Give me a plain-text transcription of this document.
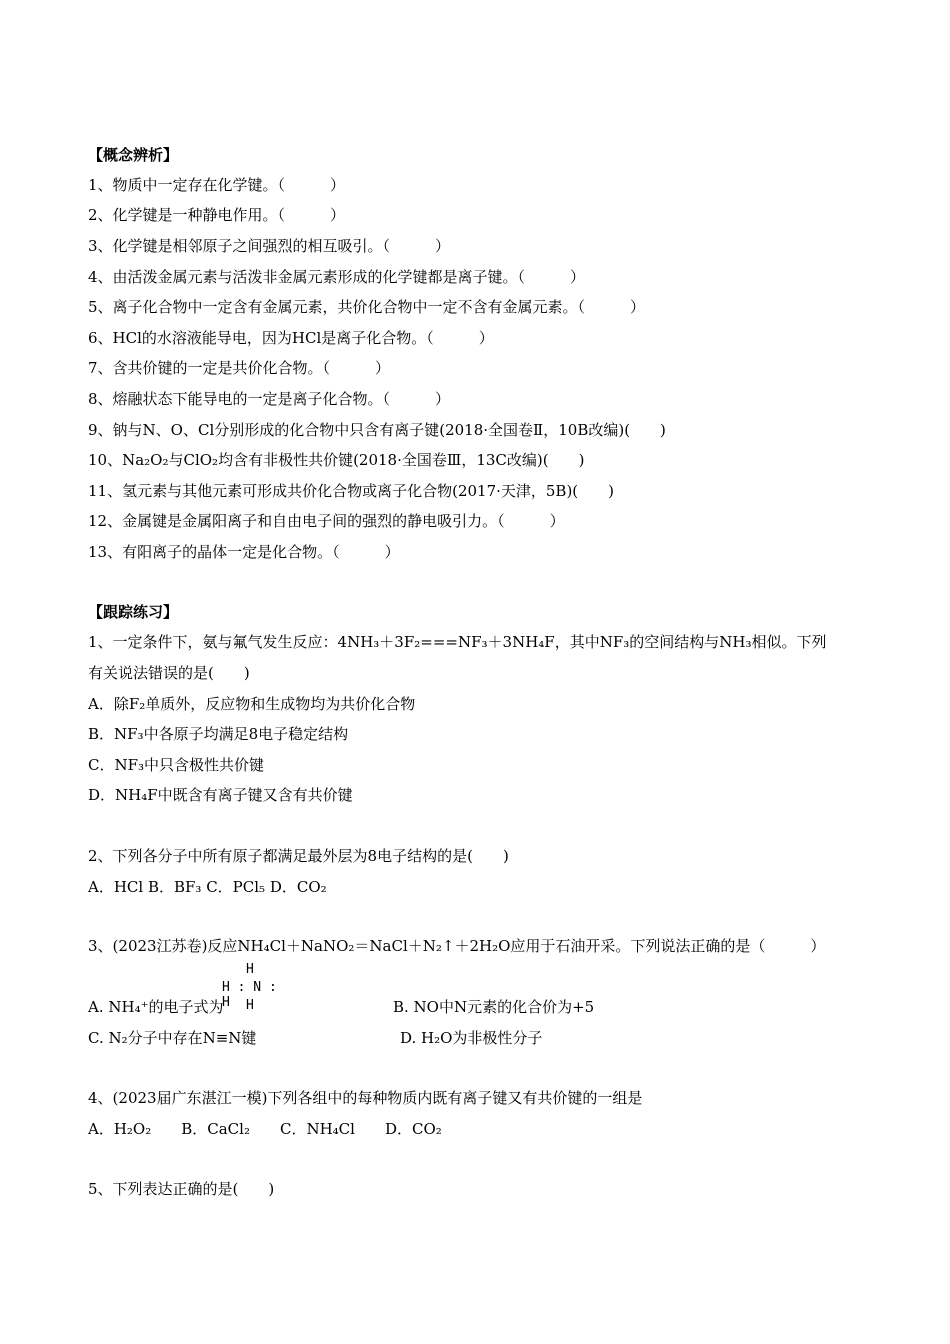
【概念辨析】
1、物质中一定存在化学键。（　　　）
2、化学键是一种静电作用。（　　　）
3、化学键是相邻原子之间强烈的相互吸引。（　　　）
4、由活泼金属元素与活泼非金属元素形成的化学键都是离子键。（　　　）
5、离子化合物中一定含有金属元素，共价化合物中一定不含有金属元素。（　　　）
6、HCl的水溶液能导电，因为HCl是离子化合物。（　　　）
7、含共价键的一定是共价化合物。（　　　）
8、熔融状态下能导电的一定是离子化合物。（　　　）
9、钠与N、O、Cl分别形成的化合物中只含有离子键(2018·全国卷Ⅱ，10B改编)(　　)
10、Na₂O₂与ClO₂均含有非极性共价键(2018·全国卷Ⅲ，13C改编)(　　)
11、氢元素与其他元素可形成共价化合物或离子化合物(2017·天津，5B)(　　)
12、金属键是金属阳离子和自由电子间的强烈的静电吸引力。（　　　）
13、有阳离子的晶体一定是化合物。（　　　）
【跟踪练习】
1、一定条件下，氨与氟气发生反应：4NH₃＋3F₂===NF₃＋3NH₄F，其中NF₃的空间结构与NH₃相似。下列
有关说法错误的是(　　)
A．除F₂单质外，反应物和生成物均为共价化合物
B．NF₃中各原子均满足8电子稳定结构
C．NF₃中只含极性共价键
D．NH₄F中既含有离子键又含有共价键
2、下列各分子中所有原子都满足最外层为8电子结构的是(　　)
A．HCl B．BF₃ C．PCl₅ D．CO₂
3、(2023江苏卷)反应NH₄Cl＋NaNO₂＝NaCl＋N₂↑＋2H₂O应用于石油开采。下列说法正确的是（　　　）
A. NH₄⁺的电子式为	B. NO中N元素的化合价为+5
C. N₂分子中存在N≡N键	D. H₂O为非极性分子
4、(2023届广东湛江一模)下列各组中的每种物质内既有离子键又有共价键的一组是
A．H₂O₂　　B．CaCl₂　　C．NH₄Cl　　D．CO₂
5、下列表达正确的是(　　)
H
H : N : H	H
